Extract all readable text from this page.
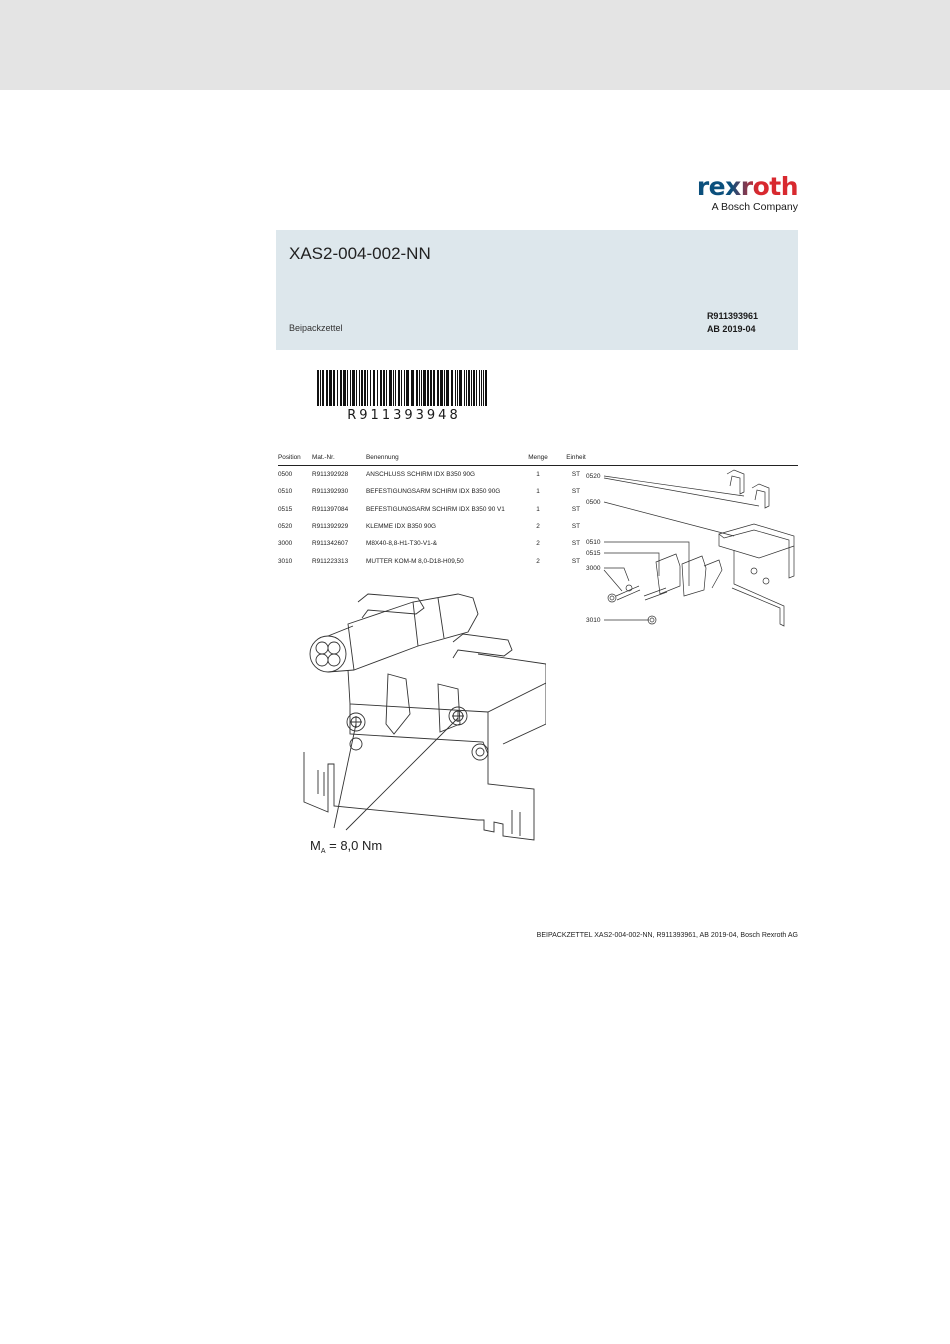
rexroth
A Bosch Company
XAS2-004-002-NN
Beipackzettel
R911393961
AB 2019-04
R911393948
Position	Mat.-Nr.	Benennung	Menge	Einheit	
0500	R911392928	ANSCHLUSS SCHIRM IDX B350 90G	1	ST	
0510	R911392930	BEFESTIGUNGSARM SCHIRM IDX B350 90G	1	ST	
0515	R911397084	BEFESTIGUNGSARM SCHIRM IDX B350 90 V1	1	ST	
0520	R911392929	KLEMME IDX B350 90G	2	ST	
3000	R911342607	M8X40-8,8-H1-T30-V1-&	2	ST	
3010	R911223313	MUTTER KOM-M 8,0-D18-H09,50	2	ST	
0520
0500
0510
0515
3000
3010
$M_A = 8,0$ Nm
BEIPACKZETTEL XAS2-004-002-NN, R911393961, AB 2019-04, Bosch Rexroth AG
